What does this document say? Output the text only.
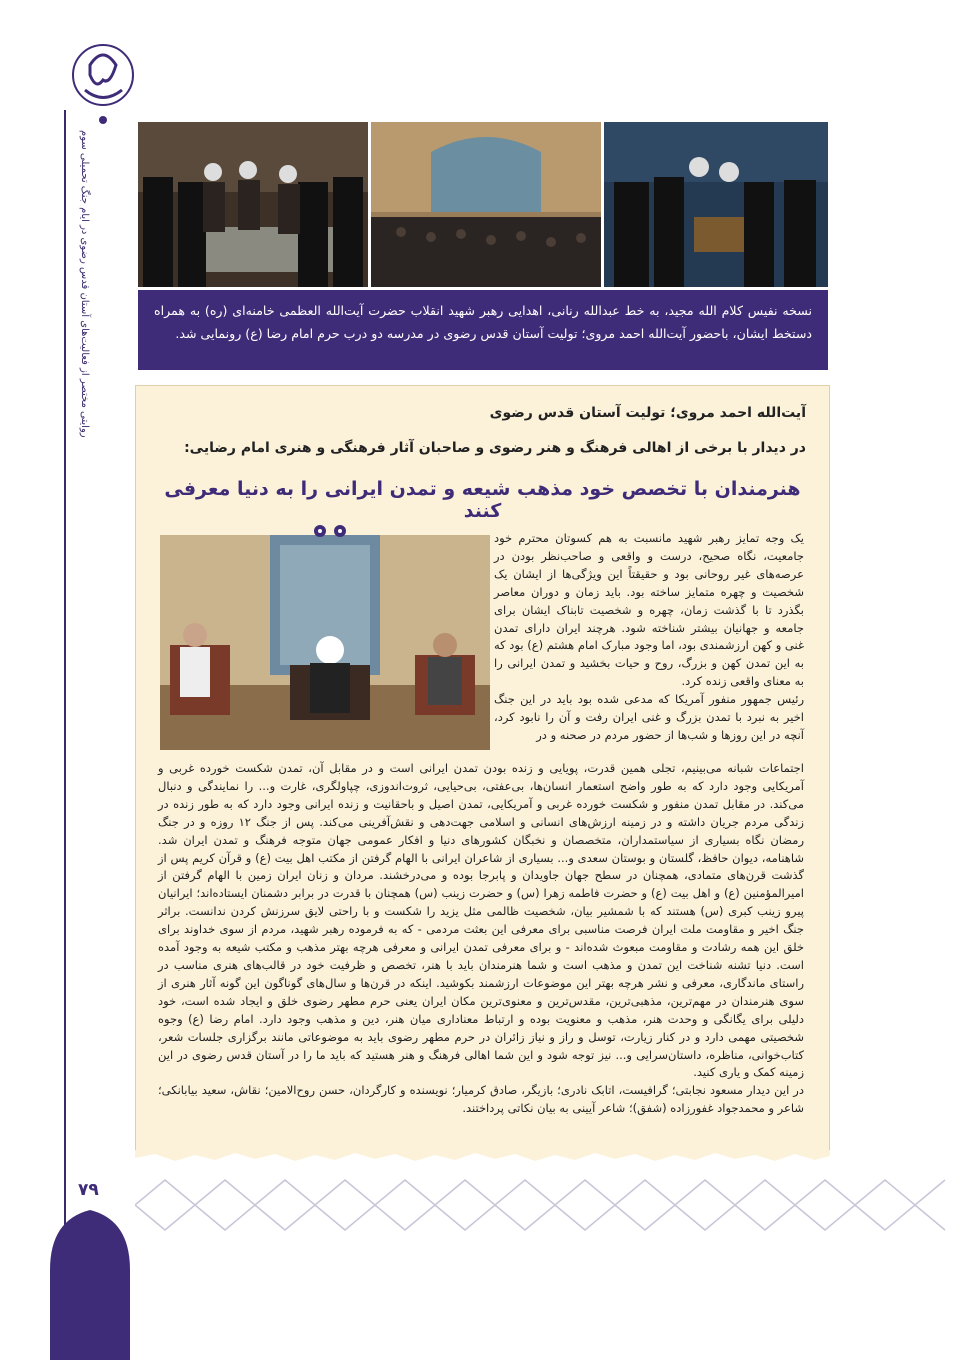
روایتی مختصر از فعالیت‌های آستان قدس رضوی در ایام جنگ تحمیلی سوم	نسخه نفیس کلام الله مجید، به خط عبدالله رنانی، اهدایی رهبر شهید انقلاب حضرت آیت‌الله العظمی خامنه‌ای (ره) به همراه دستخط ایشان، باحضور آیت‌الله احمد مروی؛ تولیت آستان قدس رضوی در مدرسه دو درب حرم امام رضا (ع) رونمایی شد.
آیت‌الله احمد مروی؛ تولیت آستان قدس رضوی
در دیدار با برخی از اهالی فرهنگ و هنر رضوی و صاحبان آثار فرهنگی و هنری امام رضایی:
هنرمندان با تخصص خود مذهب شیعه و تمدن ایرانی را به دنیا معرفی کنند

یک وجه تمایز رهبر شهید مانسبت به هم کسوتان محترم خود جامعیت، نگاه صحیح، درست و واقعی و صاحب‌نظر بودن در عرصه‌های غیر روحانی بود و حقیقتاً این ویژگی‌ها از ایشان یک شخصیت و چهره متمایز ساخته بود. باید زمان و دوران معاصر بگذرد تا با گذشت زمان، چهره و شخصیت تابناک ایشان برای جامعه و جهانیان بیشتر شناخته شود. هرچند ایران دارای تمدن غنی و کهن ارزشمندی بود، اما وجود مبارک امام هشتم (ع) بود که به این تمدن کهن و بزرگ، روح و حیات بخشید و تمدن ایرانی را به معنای واقعی زنده کرد.

رئیس جمهور منفور آمریکا که مدعی شده بود باید در این جنگ اخیر به نبرد با تمدن بزرگ و غنی ایران رفت و آن را نابود کرد، آنچه در این روزها و شب‌ها از حضور مردم در صحنه و در

اجتماعات شبانه می‌بینیم، تجلی همین قدرت، پویایی و زنده بودن تمدن ایرانی است و در مقابل آن، تمدن شکست خورده غربی و آمریکایی وجود دارد که به طور واضح استعمار انسان‌ها، بی‌عفتی، بی‌حیایی، ثروت‌اندوزی، چپاولگری، غارت و... را نمایندگی و دنبال می‌کند. در مقابل تمدن منفور و شکست خورده غربی و آمریکایی، تمدن اصیل و باحقانیت و زنده ایرانی وجود دارد که به طور زنده در زندگی مردم جریان داشته و در زمینه ارزش‌های انسانی و اسلامی جهت‌دهی و نقش‌آفرینی می‌کند. پس از جنگ ۱۲ روزه و در جنگ رمضان نگاه بسیاری از سیاستمداران، متخصصان و نخبگان کشورهای دنیا و افکار عمومی جهان متوجه فرهنگ و تمدن ایران شد. شاهنامه، دیوان حافظ، گلستان و بوستان سعدی و... بسیاری از شاعران ایرانی با الهام گرفتن از مکتب اهل بیت (ع) و قرآن کریم پس از گذشت قرن‌های متمادی، همچنان در سطح جهان جاویدان و پابرجا بوده و می‌درخشند. مردان و زنان ایران زمین با الهام گرفتن از امیرالمؤمنین (ع) و اهل بیت (ع) و حضرت فاطمه زهرا (س) و حضرت زینب (س) همچنان با قدرت در برابر دشمنان ایستاده‌اند؛ ایرانیان پیرو زینب کبری (س) هستند که با شمشیر بیان، شخصیت ظالمی مثل یزید را شکست و با راحتی لایق سرزنش کردن ندانست. براثر جنگ اخیر و مقاومت ملت ایران فرصت مناسبی برای معرفی این بعثت مردمی - که به فرموده رهبر شهید، مردم از سوی خداوند برای خلق این همه رشادت و مقاومت مبعوث شده‌اند - و برای معرفی تمدن ایرانی و معرفی هرچه بهتر مذهب و مکتب شیعه به وجود آمده است. دنیا تشنه شناخت این تمدن و مذهب است و شما هنرمندان باید با هنر، تخصص و ظرفیت خود در قالب‌های هنری مناسب در راستای ماندگاری، معرفی و نشر هرچه بهتر این موضوعات ارزشمند بکوشید. اینکه در قرن‌ها و سال‌های گوناگون این گونه آثار هنری از سوی هنرمندان در مهم‌ترین، مذهبی‌ترین، مقدس‌ترین و معنوی‌ترین مکان ایران یعنی حرم مطهر رضوی خلق و ایجاد شده است، خود دلیلی برای یگانگی و وحدت هنر، مذهب و معنویت بوده و ارتباط معناداری میان هنر، دین و مذهب وجود دارد. امام رضا (ع) وجوه شخصیتی مهمی دارد و در کنار زیارت، توسل و راز و نیاز زائران در حرم مطهر رضوی باید به موضوعاتی مانند برگزاری جلسات شعر، کتاب‌خوانی، مناظره، داستان‌سرایی و... نیز توجه شود و این شما اهالی فرهنگ و هنر هستید که باید ما را در آستان قدس رضوی در این زمینه کمک و یاری کنید.

در این دیدار مسعود نجابتی؛ گرافیست، اتابک نادری؛ بازیگر، صادق کرمیار؛ نویسنده و کارگردان، حسن روح‌الامین؛ نقاش، سعید بیابانکی؛ شاعر و محمدجواد غفورزاده (شفق)؛ شاعر آیینی به بیان نکاتی پرداختند.

۷۹
